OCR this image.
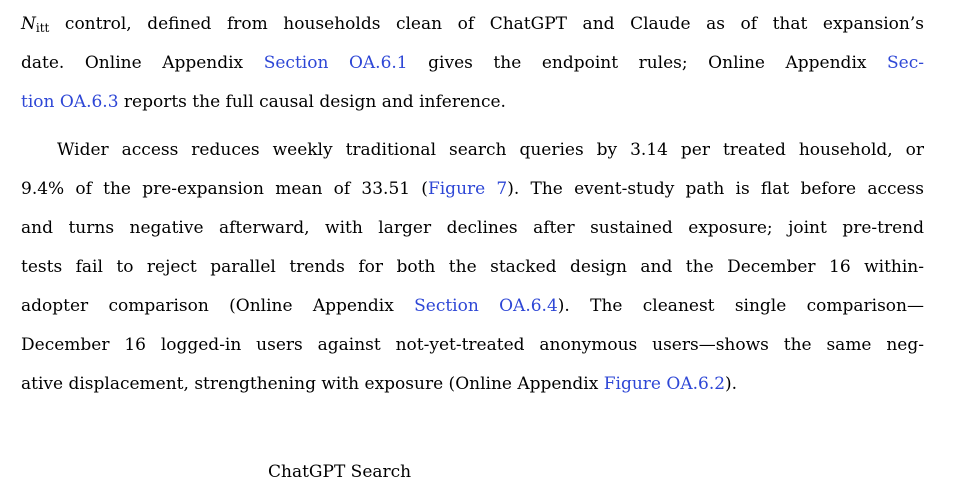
$N_{itt}$ control, defined from households clean of ChatGPT and Claude as of that expansion’s
date. Online Appendix Section OA.6.1 gives the endpoint rules; Online Appendix Sec-
tion OA.6.3 reports the full causal design and inference.
Wider access reduces weekly traditional search queries by 3.14 per treated household, or
9.4% of the pre-expansion mean of 33.51 (Figure 7). The event-study path is flat before access
and turns negative afterward, with larger declines after sustained exposure; joint pre-trend
tests fail to reject parallel trends for both the stacked design and the December 16 within-
adopter comparison (Online Appendix Section OA.6.4). The cleanest single comparison—
December 16 logged-in users against not-yet-treated anonymous users—shows the same neg-
ative displacement, strengthening with exposure (Online Appendix Figure OA.6.2).
ChatGPT Search
